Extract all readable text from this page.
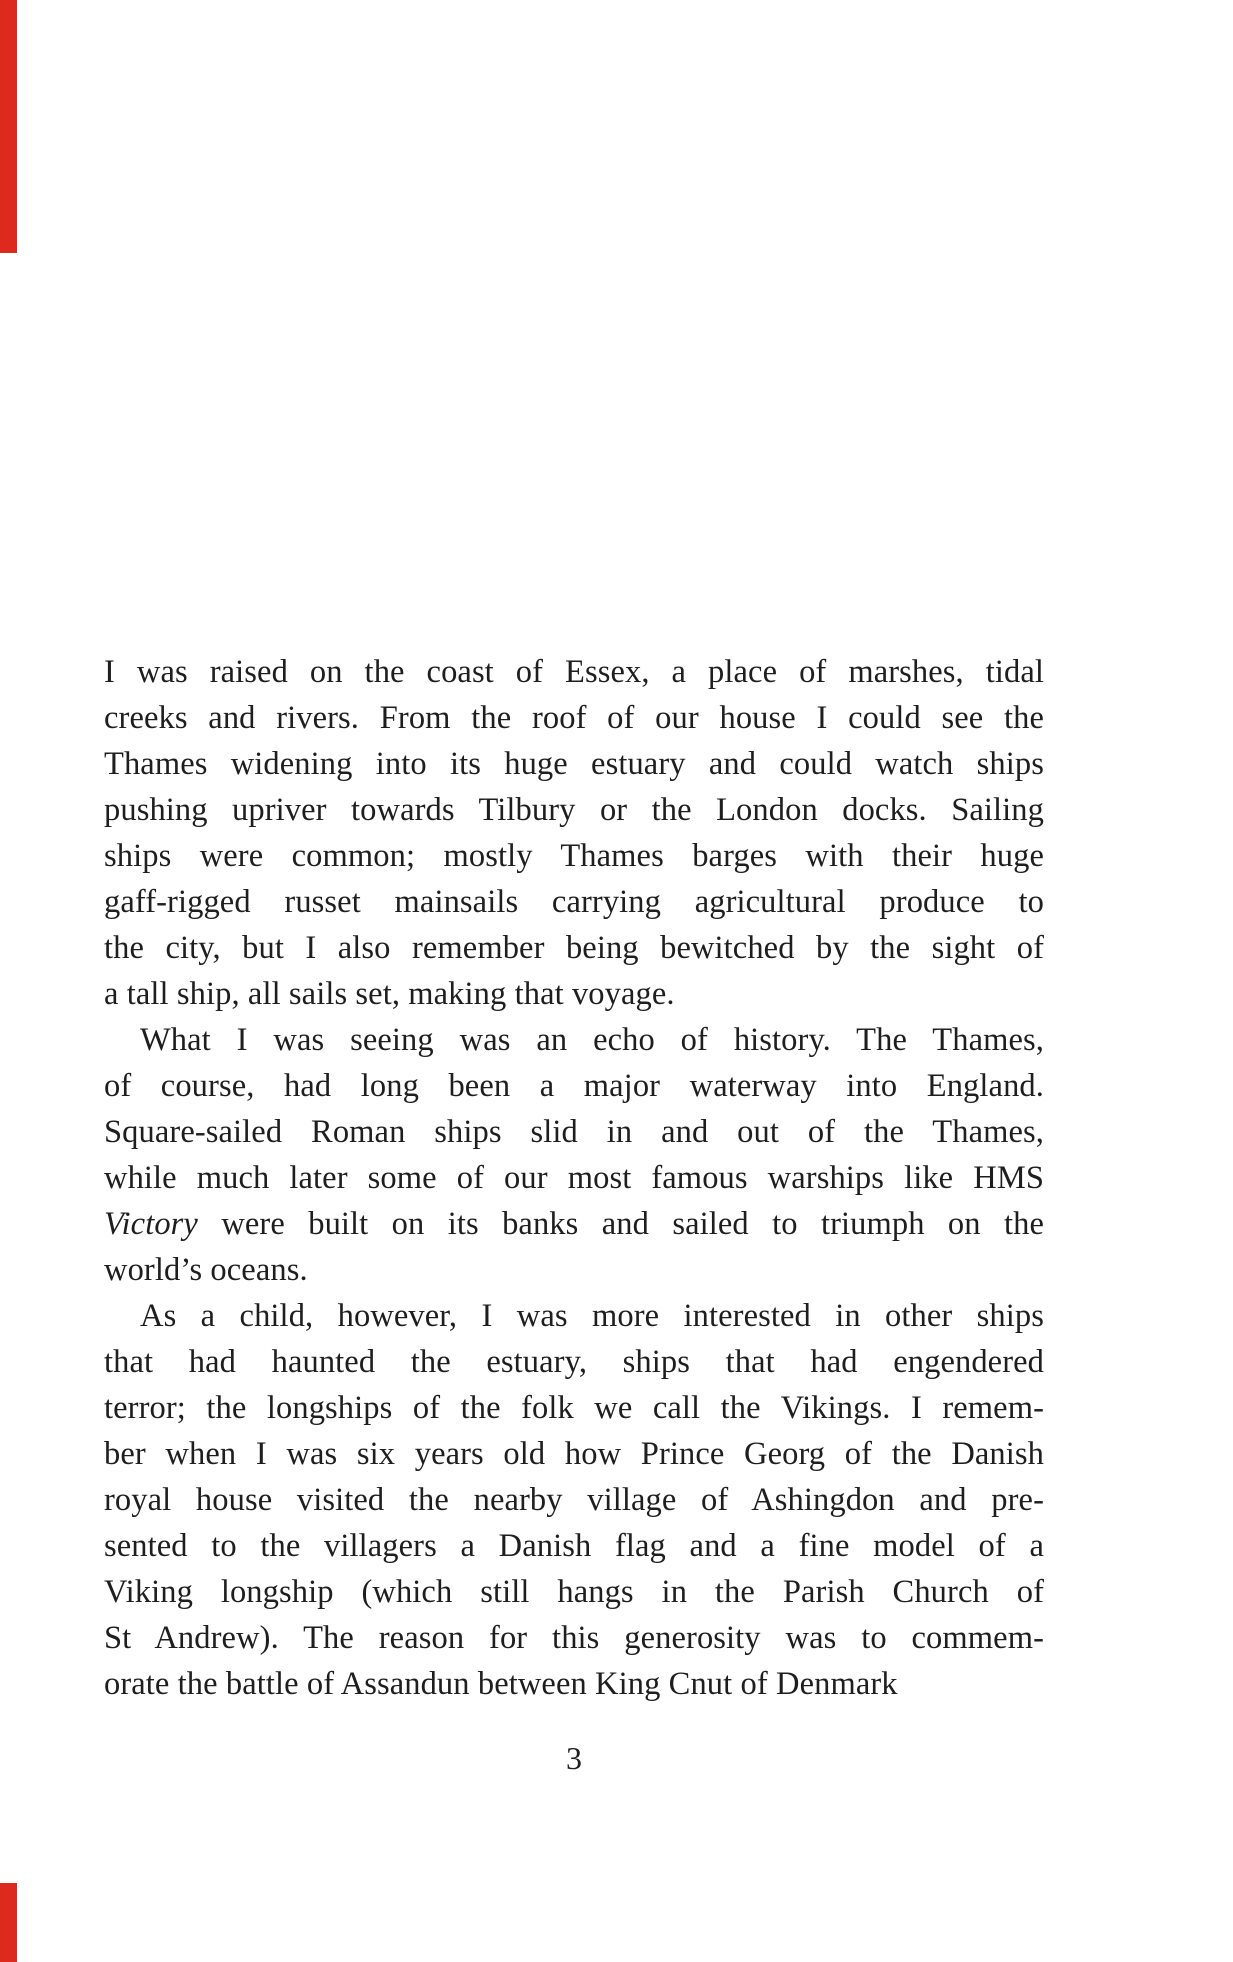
I was raised on the coast of Essex, a place of marshes, tidal
creeks and rivers. From the roof of our house I could see the
Thames widening into its huge estuary and could watch ships
pushing upriver towards Tilbury or the London docks. Sailing
ships were common; mostly Thames barges with their huge
gaff-rigged russet mainsails carrying agricultural produce to
the city, but I also remember being bewitched by the sight of
a tall ship, all sails set, making that voyage.
What I was seeing was an echo of history. The Thames,
of course, had long been a major waterway into England.
Square-sailed Roman ships slid in and out of the Thames,
while much later some of our most famous warships like HMS
Victory were built on its banks and sailed to triumph on the
world’s oceans.
As a child, however, I was more interested in other ships
that had haunted the estuary, ships that had engendered
terror; the longships of the folk we call the Vikings. I remem-
ber when I was six years old how Prince Georg of the Danish
royal house visited the nearby village of Ashingdon and pre-
sented to the villagers a Danish flag and a fine model of a
Viking longship (which still hangs in the Parish Church of
St Andrew). The reason for this generosity was to commem-
orate the battle of Assandun between King Cnut of Denmark
3
